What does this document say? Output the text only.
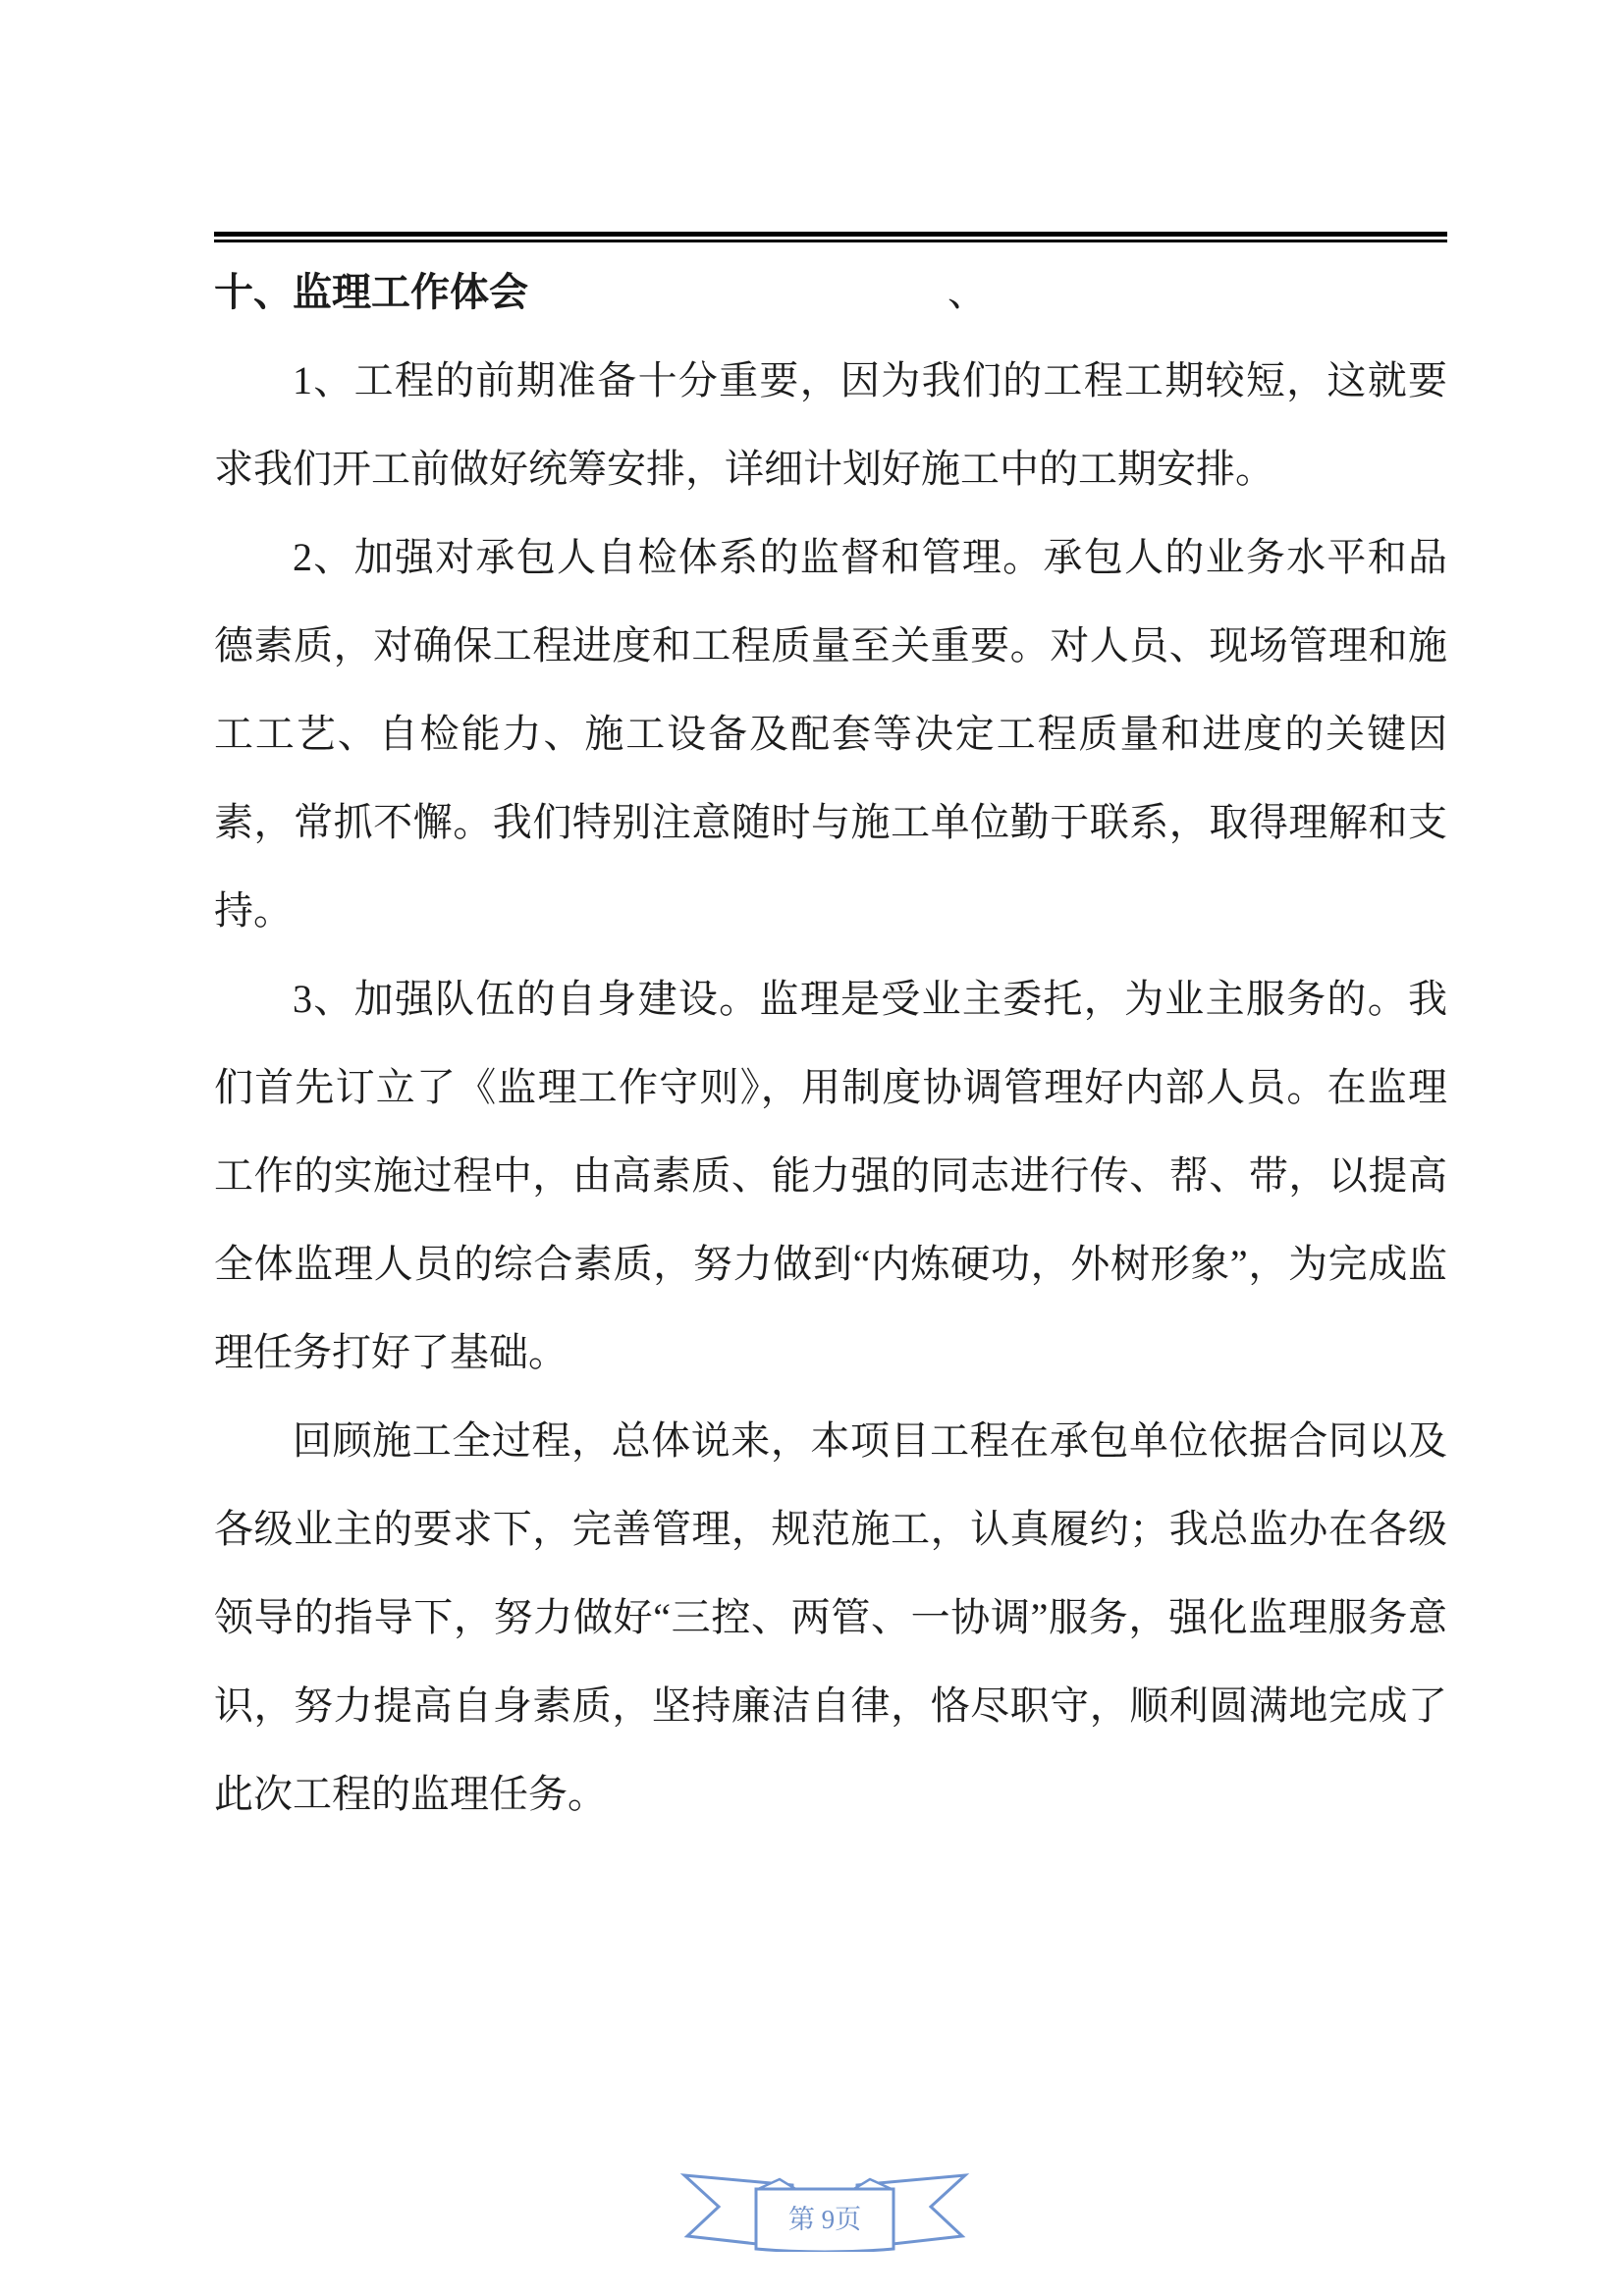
十、监理工作体会	、

1、工程的前期准备十分重要，因为我们的工程工期较短，这就要求我们开工前做好统筹安排，详细计划好施工中的工期安排。

2、加强对承包人自检体系的监督和管理。承包人的业务水平和品德素质，对确保工程进度和工程质量至关重要。对人员、现场管理和施工工艺、自检能力、施工设备及配套等决定工程质量和进度的关键因素，常抓不懈。我们特别注意随时与施工单位勤于联系，取得理解和支持。

3、加强队伍的自身建设。监理是受业主委托，为业主服务的。我们首先订立了《监理工作守则》，用制度协调管理好内部人员。在监理工作的实施过程中，由高素质、能力强的同志进行传、帮、带，以提高全体监理人员的综合素质，努力做到“内炼硬功，外树形象”，为完成监理任务打好了基础。

回顾施工全过程，总体说来，本项目工程在承包单位依据合同以及各级业主的要求下，完善管理，规范施工，认真履约；我总监办在各级领导的指导下，努力做好“三控、两管、一协调”服务，强化监理服务意识，努力提高自身素质，坚持廉洁自律，恪尽职守，顺利圆满地完成了此次工程的监理任务。

第 9页
